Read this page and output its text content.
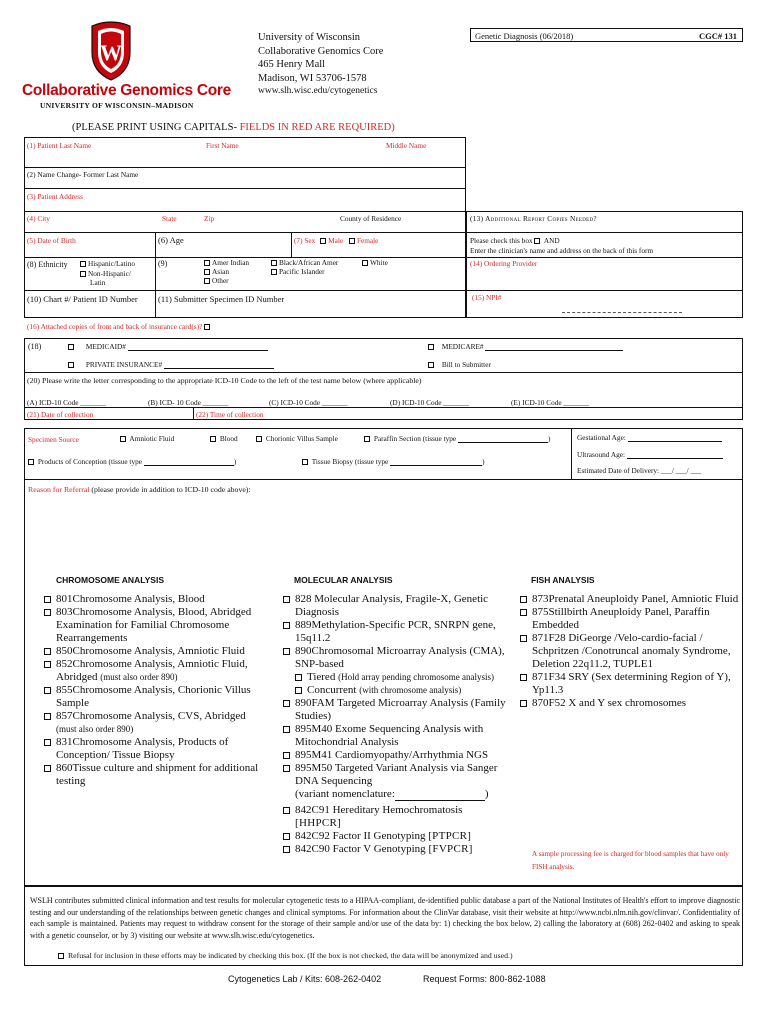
W
Collaborative Genomics Core
UNIVERSITY OF WISCONSIN–MADISON
University of Wisconsin
Collaborative Genomics Core
465 Henry Mall
Madison, WI 53706-1578
www.slh.wisc.edu/cytogenetics
Genetic Diagnosis (06/2018)	CGC# 131
(PLEASE PRINT USING CAPITALS- FIELDS IN RED ARE REQUIRED)
(1) Patient Last Name	First Name	Middle Name
(2) Name Change- Former Last Name
(3) Patient Address
(4) City	State	Zip	County of Residence
(5) Date of Birth	(6) Age	(7) Sex Male Female
(8) Ethnicity	Hispanic/Latino
Non-Hispanic/
Latin
(9)	Amer Indian
Asian
Other
Black/African Amer
Pacific Islander
White
(10) Chart #/ Patient ID Number (11) Submitter Specimen ID Number
(13) Additional Report Copies Needed?
Please check this box AND
Enter the clinician's name and address on the back of this form
(14) Ordering Provider
(15) NPI#
(16) Attached copies of front and back of insurance card(s)?
(18)	MEDICAID#	MEDICARE#
PRIVATE INSURANCE#	Bill to Submitter
(20) Please write the letter corresponding to the appropriate ICD-10 Code to the left of the test name below (where applicable)
(A) ICD-10 Code _______	(B) ICD- 10 Code _______	(C) ICD-10 Code _______	(D) ICD-10 Code _______	(E) ICD-10 Code _______
(21) Date of collection	(22) Time of collection
Specimen Source	Amniotic Fluid	Blood	Chorionic Villus Sample	Paraffin Section (tissue type	)
Products of Conception (tissue type	)	Tissue Biopsy (tissue type	)
Gestational Age:
Ultrasound Age:
Estimated Date of Delivery: ___/ ___/ ___
Reason for Referral (please provide in addition to ICD-10 code above):
CHROMOSOME ANALYSIS	MOLECULAR ANALYSIS	FISH ANALYSIS
801Chromosome Analysis, Blood
803Chromosome Analysis, Blood, Abridged Examination for Familial Chromosome Rearrangements
850Chromosome Analysis, Amniotic Fluid
852Chromosome Analysis, Amniotic Fluid, Abridged (must also order 890)
855Chromosome Analysis, Chorionic Villus Sample
857Chromosome Analysis, CVS, Abridged
(must also order 890)
831Chromosome Analysis, Products of Conception/ Tissue Biopsy
860Tissue culture and shipment for additional testing
828 Molecular Analysis, Fragile-X, Genetic Diagnosis
889Methylation-Specific PCR, SNRPN gene, 15q11.2
890Chromosomal Microarray Analysis (CMA), SNP-based
Tiered (Hold array pending chromosome analysis)
Concurrent (with chromosome analysis)
890FAM Targeted Microarray Analysis (Family Studies)
895M40 Exome Sequencing Analysis with Mitochondrial Analysis
895M41 Cardiomyopathy/Arrhythmia NGS
895M50 Targeted Variant Analysis via Sanger DNA Sequencing
(variant nomenclature:	)
842C91 Hereditary Hemochromatosis
[HHPCR]
842C92 Factor II Genotyping [PTPCR]
842C90 Factor V Genotyping [FVPCR]
873Prenatal Aneuploidy Panel, Amniotic Fluid
875Stillbirth Aneuploidy Panel, Paraffin Embedded
871F28 DiGeorge /Velo-cardio-facial / Schpritzen /Conotruncal anomaly Syndrome, Deletion 22q11.2, TUPLE1
871F34 SRY (Sex determining Region of Y), Yp11.3
870F52 X and Y sex chromosomes
A sample processing fee is charged for blood samples that have only FISH analysis.
WSLH contributes submitted clinical information and test results for molecular cytogenetic tests to a HIPAA-compliant, de-identified public database a part of the National Institutes of Health's effort to improve diagnostic testing and our understanding of the relationships between genetic changes and clinical symptoms. For information about the ClinVar database, visit their website at http://www.ncbi.nlm.nih.gov/clinvar/. Confidentiality of each sample is maintained. Patients may request to withdraw consent for the storage of their sample and/or use of the data by: 1) checking the box below, 2) calling the laboratory at (608) 262-0402 and asking to speak with a genetic counselor, or by 3) visiting our website at www.slh.wisc.edu/cytogenetics.
Refusal for inclusion in these efforts may be indicated by checking this box. (If the box is not checked, the data will be anonymized and used.)
Cytogenetics Lab / Kits: 608-262-0402	Request Forms: 800-862-1088
